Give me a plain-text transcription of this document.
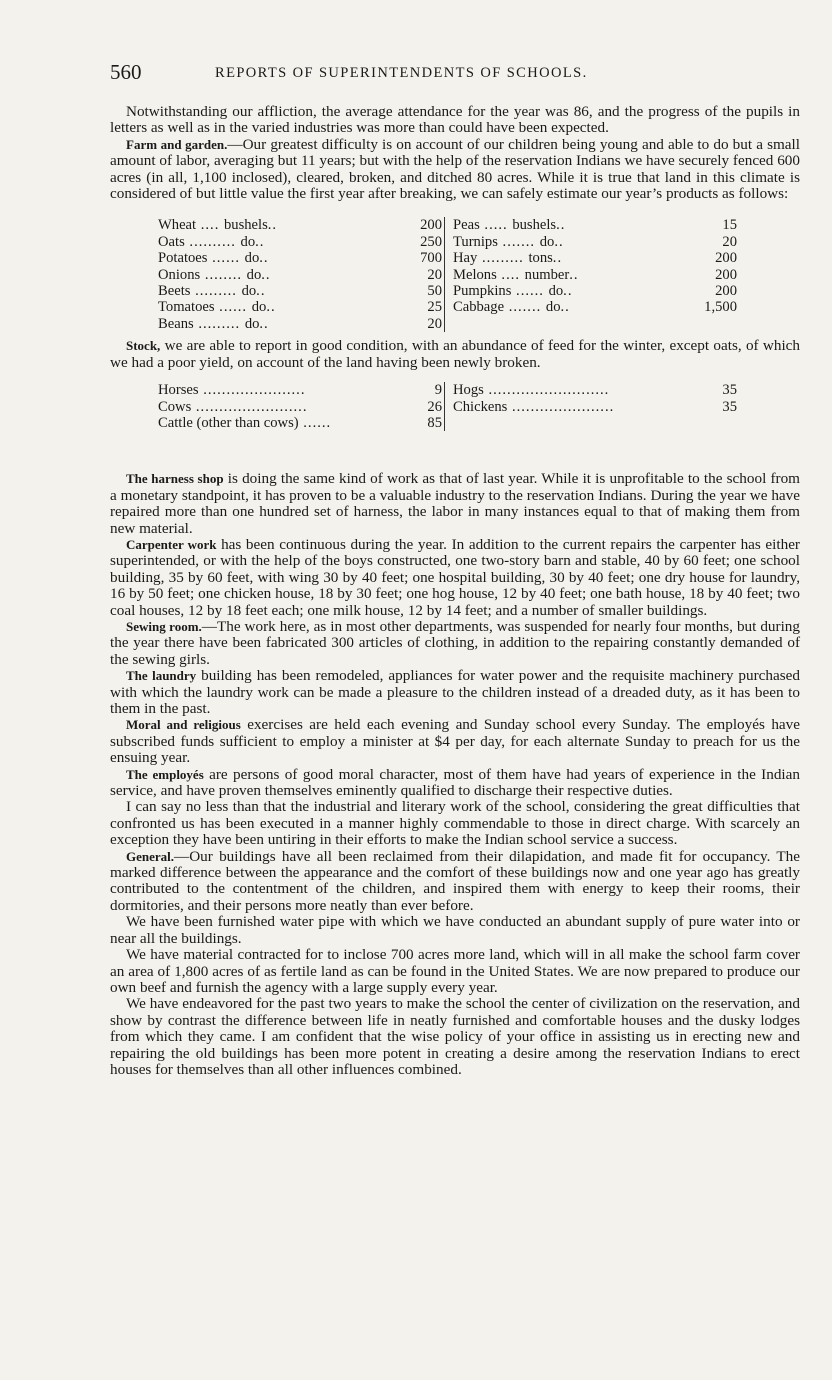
560	REPORTS OF SUPERINTENDENTS OF SCHOOLS.

Notwithstanding our affliction, the average attendance for the year was 86, and the progress of the pupils in letters as well as in the varied industries was more than could have been expected.

Farm and garden.—Our greatest difficulty is on account of our children being young and able to do but a small amount of labor, averaging but 11 years; but with the help of the reservation Indians we have securely fenced 600 acres (in all, 1,100 inclosed), cleared, broken, and ditched 80 acres. While it is true that land in this climate is considered of but little value the first year after breaking, we can safely estimate our year’s products as follows:

Wheat .... bushels..	200		Peas ..... bushels..	15
Oats .......... do..	250		Turnips ....... do..	20
Potatoes ...... do..	700		Hay ......... tons..	200
Onions ........ do..	20		Melons .... number..	200
Beets ......... do..	50		Pumpkins ...... do..	200
Tomatoes ...... do..	25		Cabbage ....... do..	1,500
Beans ......... do..	20			

Stock, we are able to report in good condition, with an abundance of feed for the winter, except oats, of which we had a poor yield, on account of the land having been newly broken.

Horses ......................	9		Hogs ..........................	35
Cows ........................	26		Chickens ......................	35
Cattle (other than cows) ......	85			

The harness shop is doing the same kind of work as that of last year. While it is unprofitable to the school from a monetary standpoint, it has proven to be a valuable industry to the reservation Indians. During the year we have repaired more than one hundred set of harness, the labor in many instances equal to that of making them from new material.

Carpenter work has been continuous during the year. In addition to the current repairs the carpenter has either superintended, or with the help of the boys constructed, one two-story barn and stable, 40 by 60 feet; one school building, 35 by 60 feet, with wing 30 by 40 feet; one hospital building, 30 by 40 feet; one dry house for laundry, 16 by 50 feet; one chicken house, 18 by 30 feet; one hog house, 12 by 40 feet; one bath house, 18 by 40 feet; two coal houses, 12 by 18 feet each; one milk house, 12 by 14 feet; and a number of smaller buildings.

Sewing room.—The work here, as in most other departments, was suspended for nearly four months, but during the year there have been fabricated 300 articles of clothing, in addition to the repairing constantly demanded of the sewing girls.

The laundry building has been remodeled, appliances for water power and the requisite machinery purchased with which the laundry work can be made a pleasure to the children instead of a dreaded duty, as it has been to them in the past.

Moral and religious exercises are held each evening and Sunday school every Sunday. The employés have subscribed funds sufficient to employ a minister at $4 per day, for each alternate Sunday to preach for us the ensuing year.

The employés are persons of good moral character, most of them have had years of experience in the Indian service, and have proven themselves eminently qualified to discharge their respective duties.

I can say no less than that the industrial and literary work of the school, considering the great difficulties that confronted us has been executed in a manner highly commendable to those in direct charge. With scarcely an exception they have been untiring in their efforts to make the Indian school service a success.

General.—Our buildings have all been reclaimed from their dilapidation, and made fit for occupancy. The marked difference between the appearance and the comfort of these buildings now and one year ago has greatly contributed to the contentment of the children, and inspired them with energy to keep their rooms, their dormitories, and their persons more neatly than ever before.

We have been furnished water pipe with which we have conducted an abundant supply of pure water into or near all the buildings.

We have material contracted for to inclose 700 acres more land, which will in all make the school farm cover an area of 1,800 acres of as fertile land as can be found in the United States. We are now prepared to produce our own beef and furnish the agency with a large supply every year.

We have endeavored for the past two years to make the school the center of civilization on the reservation, and show by contrast the difference between life in neatly furnished and comfortable houses and the dusky lodges from which they came. I am confident that the wise policy of your office in assisting us in erecting new and repairing the old buildings has been more potent in creating a desire among the reservation Indians to erect houses for themselves than all other influences combined.
